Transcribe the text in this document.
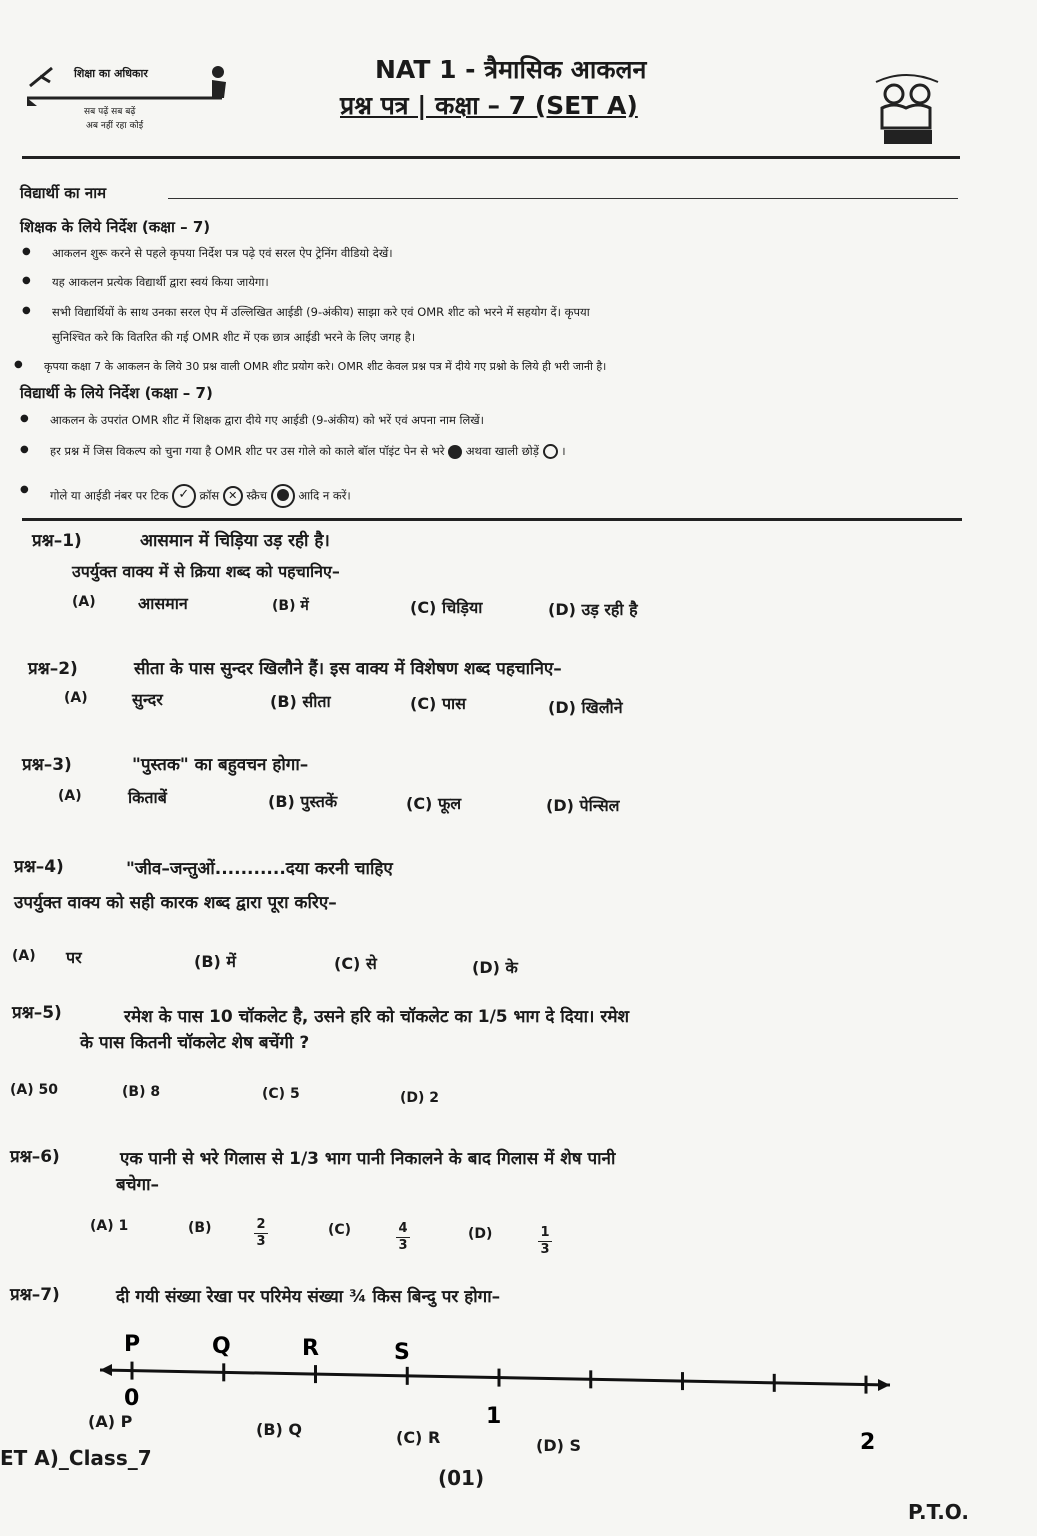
शिक्षा का अधिकार
सब पढ़ें सब बढ़ें
अब नहीं रहा कोई
NAT 1 - त्रैमासिक आकलन
प्रश्न पत्र | कक्षा – 7 (SET A)
विद्यार्थी का नाम
शिक्षक के लिये निर्देश (कक्षा – 7)
● आकलन शुरू करने से पहले कृपया निर्देश पत्र पढ़े एवं सरल ऐप ट्रेनिंग वीडियो देखें।
● यह आकलन प्रत्येक विद्यार्थी द्वारा स्वयं किया जायेगा।
● सभी विद्यार्थियों के साथ उनका सरल ऐप में उल्लिखित आईडी (9-अंकीय) साझा करे एवं OMR शीट को भरने में सहयोग दें। कृपया
सुनिश्चित करे कि वितरित की गई OMR शीट में एक छात्र आईडी भरने के लिए जगह है।
● कृपया कक्षा 7 के आकलन के लिये 30 प्रश्न वाली OMR शीट प्रयोग करे। OMR शीट केवल प्रश्न पत्र में दीये गए प्रश्नो के लिये ही भरी जानी है।
विद्यार्थी के लिये निर्देश (कक्षा – 7)
● आकलन के उपरांत OMR शीट में शिक्षक द्वारा दीये गए आईडी (9-अंकीय) को भरें एवं अपना नाम लिखें।
● हर प्रश्न में जिस विकल्प को चुना गया है OMR शीट पर उस गोले को काले बॉल पॉइंट पेन से भरे अथवा खाली छोड़ें  ।
● गोले या आईडी नंबर पर टिक ✓ क्रॉस ✕ स्क्रैच	आदि न करें।
प्रश्न–1)	आसमान में चिड़िया उड़ रही है।
उपर्युक्त वाक्य में से क्रिया शब्द को पहचानिए–
(A)	आसमान	(B) में	(C) चिड़िया	(D) उड़ रही है
प्रश्न–2)	सीता के पास सुन्दर खिलौने हैं। इस वाक्य में विशेषण शब्द पहचानिए–
(A)	सुन्दर	(B) सीता	(C) पास	(D) खिलौने
प्रश्न–3)	"पुस्तक" का बहुवचन होगा–
(A)	किताबें	(B) पुस्तकें	(C) फूल	(D) पेन्सिल
प्रश्न–4)	"जीव–जन्तुओं...........दया करनी चाहिए
उपर्युक्त वाक्य को सही कारक शब्द द्वारा पूरा करिए–
(A) पर	(B) में	(C) से	(D) के
प्रश्न–5)	रमेश के पास 10 चॉकलेट है, उसने हरि को चॉकलेट का 1/5 भाग दे दिया। रमेश
के पास कितनी चॉकलेट शेष बचेंगी ?
(A) 50	(B) 8	(C) 5	(D) 2
प्रश्न–6)	एक पानी से भरे गिलास से 1/3 भाग पानी निकालने के बाद गिलास में शेष पानी
बचेगा–
(A) 1	(B)	2
3
(C)	4
3
(D)	1
3
प्रश्न–7)	दी गयी संख्या रेखा पर परिमेय संख्या ¾ किस बिन्दु पर होगा–
P	Q	R	S
0
1
2
(A) P	(B) Q	(C) R	(D) S
ET A)_Class_7
(01)
P.T.O.
